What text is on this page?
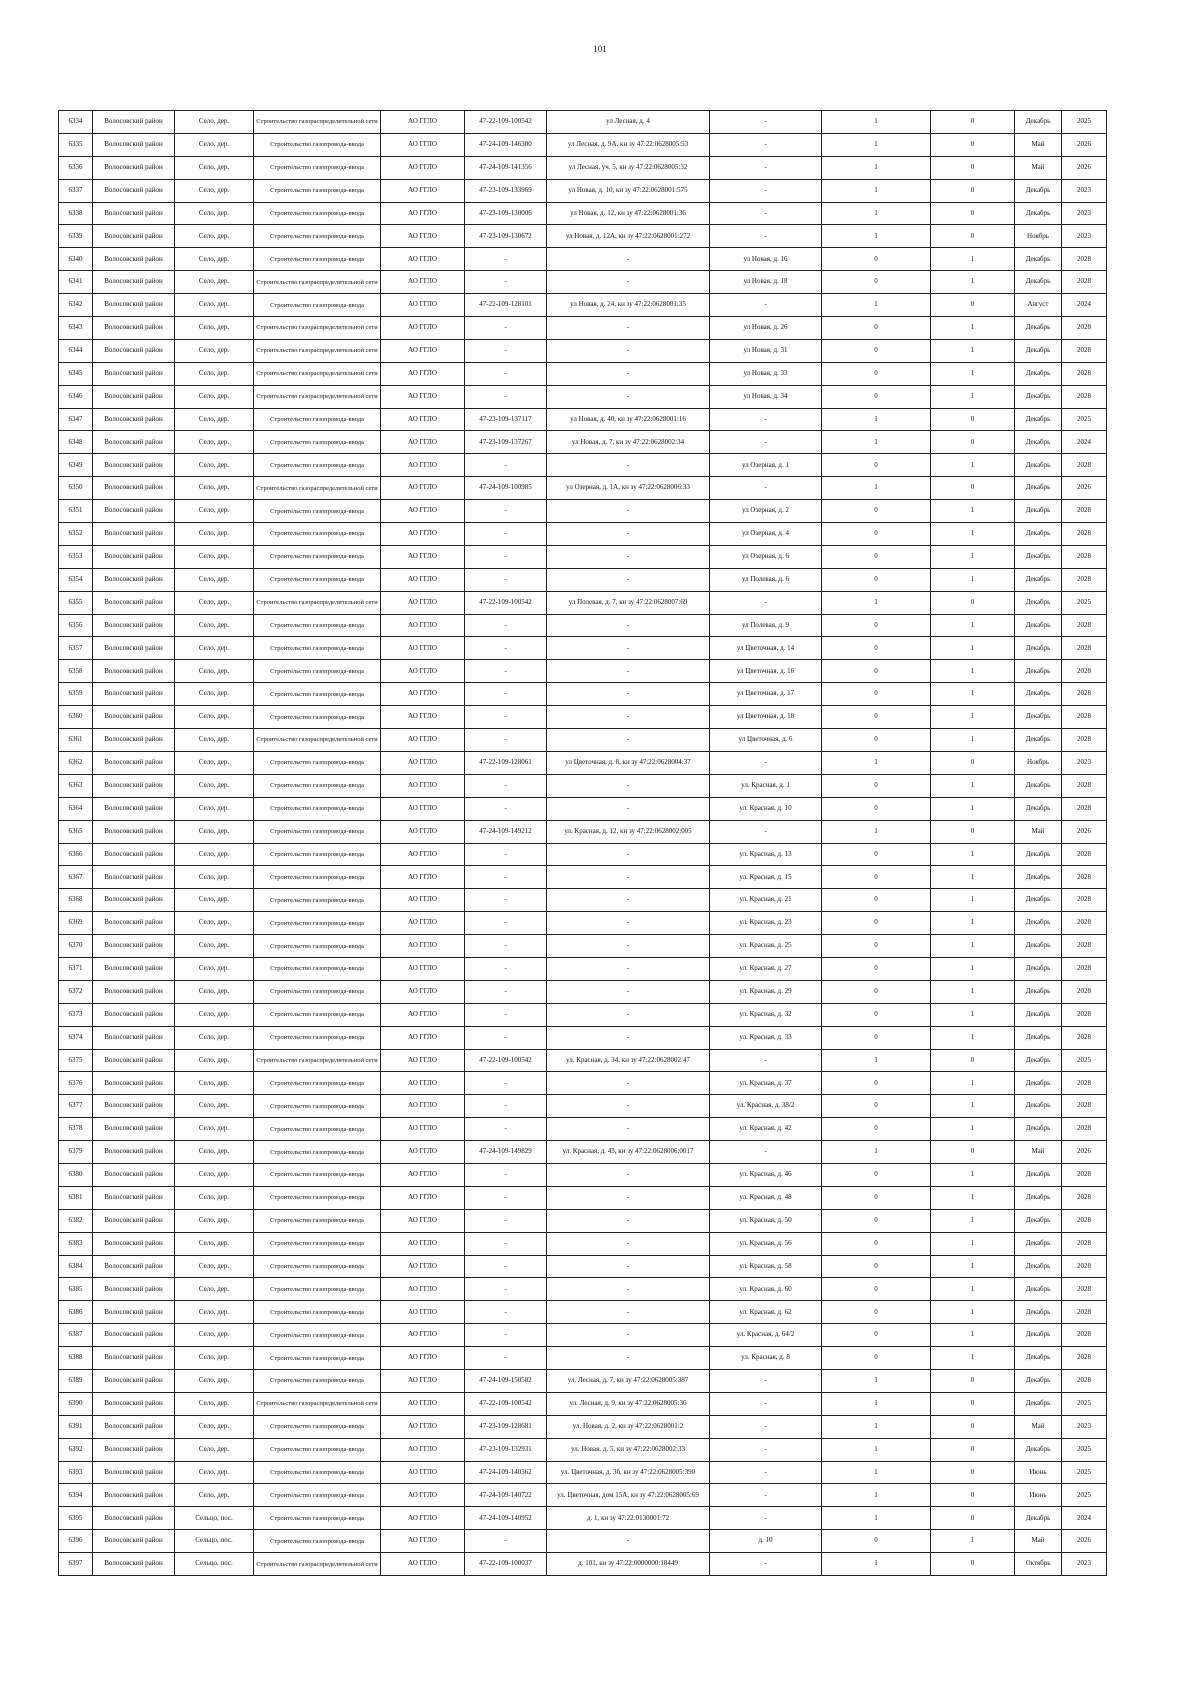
101
6334	Волосовский район	Село, дер.	Строительство газораспределительной сети	АО ГГЛО	47-22-109-100542	ул Лесная, д. 4	-	1	0	Декабрь	2025
6335	Волосовский район	Село, дер.	Строительство газопровода-ввода	АО ГГЛО	47-24-109-146300	ул Лесная, д. 9А, кн зу 47:22:0628005:53	-	1	0	Май	2026
6336	Волосовский район	Село, дер.	Строительство газопровода-ввода	АО ГГЛО	47-24-109-141356	ул Лесная, уч. 5, кн зу 47:22:0628005:32	-	1	0	Май	2026
6337	Волосовский район	Село, дер.	Строительство газопровода-ввода	АО ГГЛО	47-23-109-133969	ул Новая, д. 10, кн зу 47:22:0628001:575	-	1	0	Декабрь	2023
6338	Волосовский район	Село, дер.	Строительство газопровода-ввода	АО ГГЛО	47-23-109-130006	ул Новая, д. 12, кн зу 47:22:0628001:36	-	1	0	Декабрь	2023
6339	Волосовский район	Село, дер.	Строительство газопровода-ввода	АО ГГЛО	47-23-109-130672	ул Новая, д. 12А, кн зу 47:22:0628001:272	-	1	0	Ноябрь	2023
6340	Волосовский район	Село, дер.	Строительство газопровода-ввода	АО ГГЛО	-	-	ул Новая, д. 16	0	1	Декабрь	2028
6341	Волосовский район	Село, дер.	Строительство газораспределительной сети	АО ГГЛО	-	-	ул Новая, д. 18	0	1	Декабрь	2028
6342	Волосовский район	Село, дер.	Строительство газопровода-ввода	АО ГГЛО	47-22-109-128101	ул Новая, д. 24, кн зу 47:22:0628001:35	-	1	0	Август	2024
6343	Волосовский район	Село, дер.	Строительство газораспределительной сети	АО ГГЛО	-	-	ул Новая, д. 26	0	1	Декабрь	2028
6344	Волосовский район	Село, дер.	Строительство газораспределительной сети	АО ГГЛО	-	-	ул Новая, д. 31	0	1	Декабрь	2028
6345	Волосовский район	Село, дер.	Строительство газораспределительной сети	АО ГГЛО	-	-	ул Новая, д. 33	0	1	Декабрь	2028
6346	Волосовский район	Село, дер.	Строительство газораспределительной сети	АО ГГЛО	-	-	ул Новая, д. 34	0	1	Декабрь	2028
6347	Волосовский район	Село, дер.	Строительство газопровода-ввода	АО ГГЛО	47-23-109-137117	ул Новая, д. 40, кн зу 47:22:0628001:16	-	1	0	Декабрь	2025
6348	Волосовский район	Село, дер.	Строительство газопровода-ввода	АО ГГЛО	47-23-109-137267	ул Новая, д. 7, кн зу 47:22:0628002:34	-	1	0	Декабрь	2024
6349	Волосовский район	Село, дер.	Строительство газопровода-ввода	АО ГГЛО	-	-	ул Озерная, д. 1	0	1	Декабрь	2028
6350	Волосовский район	Село, дер.	Строительство газораспределительной сети	АО ГГЛО	47-24-109-100985	ул Озерная, д. 1А, кн зу 47:22:0628006:33	-	1	0	Декабрь	2026
6351	Волосовский район	Село, дер.	Строительство газопровода-ввода	АО ГГЛО	-	-	ул Озерная, д. 2	0	1	Декабрь	2028
6352	Волосовский район	Село, дер.	Строительство газопровода-ввода	АО ГГЛО	-	-	ул Озерная, д. 4	0	1	Декабрь	2028
6353	Волосовский район	Село, дер.	Строительство газопровода-ввода	АО ГГЛО	-	-	ул Озерная, д. 6	0	1	Декабрь	2028
6354	Волосовский район	Село, дер.	Строительство газопровода-ввода	АО ГГЛО	-	-	ул Полевая, д. 6	0	1	Декабрь	2028
6355	Волосовский район	Село, дер.	Строительство газораспределительной сети	АО ГГЛО	47-22-109-100542	ул Полевая, д. 7, кн зу 47:22:0628007:69	-	1	0	Декабрь	2025
6356	Волосовский район	Село, дер.	Строительство газопровода-ввода	АО ГГЛО	-	-	ул Полевая, д. 9	0	1	Декабрь	2028
6357	Волосовский район	Село, дер.	Строительство газопровода-ввода	АО ГГЛО	-	-	ул Цветочная, д. 14	0	1	Декабрь	2028
6358	Волосовский район	Село, дер.	Строительство газопровода-ввода	АО ГГЛО	-	-	ул Цветочная, д. 16	0	1	Декабрь	2028
6359	Волосовский район	Село, дер.	Строительство газопровода-ввода	АО ГГЛО	-	-	ул Цветочная, д. 17	0	1	Декабрь	2028
6360	Волосовский район	Село, дер.	Строительство газопровода-ввода	АО ГГЛО	-	-	ул Цветочная, д. 18	0	1	Декабрь	2028
6361	Волосовский район	Село, дер.	Строительство газораспределительной сети	АО ГГЛО	-	-	ул Цветочная, д. 6	0	1	Декабрь	2028
6362	Волосовский район	Село, дер.	Строительство газопровода-ввода	АО ГГЛО	47-22-109-128061	ул Цветочная, д. 8, кн зу 47:22:0628004:37	-	1	0	Ноябрь	2023
6363	Волосовский район	Село, дер.	Строительство газопровода-ввода	АО ГГЛО	-	-	ул. Красная, д. 1	0	1	Декабрь	2028
6364	Волосовский район	Село, дер.	Строительство газопровода-ввода	АО ГГЛО	-	-	ул. Красная, д. 10	0	1	Декабрь	2028
6365	Волосовский район	Село, дер.	Строительство газопровода-ввода	АО ГГЛО	47-24-109-149212	ул. Красная, д. 12, кн зу 47:22:0628002:005	-	1	0	Май	2026
6366	Волосовский район	Село, дер.	Строительство газопровода-ввода	АО ГГЛО	-	-	ул. Красная, д. 13	0	1	Декабрь	2028
6367	Волосовский район	Село, дер.	Строительство газопровода-ввода	АО ГГЛО	-	-	ул. Красная, д. 15	0	1	Декабрь	2028
6368	Волосовский район	Село, дер.	Строительство газопровода-ввода	АО ГГЛО	-	-	ул. Красная, д. 21	0	1	Декабрь	2028
6369	Волосовский район	Село, дер.	Строительство газопровода-ввода	АО ГГЛО	-	-	ул. Красная, д. 23	0	1	Декабрь	2028
6370	Волосовский район	Село, дер.	Строительство газопровода-ввода	АО ГГЛО	-	-	ул. Красная, д. 25	0	1	Декабрь	2028
6371	Волосовский район	Село, дер.	Строительство газопровода-ввода	АО ГГЛО	-	-	ул. Красная, д. 27	0	1	Декабрь	2028
6372	Волосовский район	Село, дер.	Строительство газопровода-ввода	АО ГГЛО	-	-	ул. Красная, д. 29	0	1	Декабрь	2028
6373	Волосовский район	Село, дер.	Строительство газопровода-ввода	АО ГГЛО	-	-	ул. Красная, д. 32	0	1	Декабрь	2028
6374	Волосовский район	Село, дер.	Строительство газопровода-ввода	АО ГГЛО	-	-	ул. Красная, д. 33	0	1	Декабрь	2028
6375	Волосовский район	Село, дер.	Строительство газораспределительной сети	АО ГГЛО	47-22-109-100542	ул. Красная, д. 34, кн зу 47:22:0628002:47	-	1	0	Декабрь	2025
6376	Волосовский район	Село, дер.	Строительство газопровода-ввода	АО ГГЛО	-	-	ул. Красная, д. 37	0	1	Декабрь	2028
6377	Волосовский район	Село, дер.	Строительство газопровода-ввода	АО ГГЛО	-	-	ул. Красная, д. 38/2	0	1	Декабрь	2028
6378	Волосовский район	Село, дер.	Строительство газопровода-ввода	АО ГГЛО	-	-	ул. Красная, д. 42	0	1	Декабрь	2028
6379	Волосовский район	Село, дер.	Строительство газопровода-ввода	АО ГГЛО	47-24-109-149829	ул. Красная, д. 43, кн зу 47:22:0628006:0017	-	1	0	Май	2026
6380	Волосовский район	Село, дер.	Строительство газопровода-ввода	АО ГГЛО	-	-	ул. Красная, д. 46	0	1	Декабрь	2028
6381	Волосовский район	Село, дер.	Строительство газопровода-ввода	АО ГГЛО	-	-	ул. Красная, д. 48	0	1	Декабрь	2028
6382	Волосовский район	Село, дер.	Строительство газопровода-ввода	АО ГГЛО	-	-	ул. Красная, д. 50	0	1	Декабрь	2028
6383	Волосовский район	Село, дер.	Строительство газопровода-ввода	АО ГГЛО	-	-	ул. Красная, д. 56	0	1	Декабрь	2028
6384	Волосовский район	Село, дер.	Строительство газопровода-ввода	АО ГГЛО	-	-	ул. Красная, д. 58	0	1	Декабрь	2028
6385	Волосовский район	Село, дер.	Строительство газопровода-ввода	АО ГГЛО	-	-	ул. Красная, д. 60	0	1	Декабрь	2028
6386	Волосовский район	Село, дер.	Строительство газопровода-ввода	АО ГГЛО	-	-	ул. Красная, д. 62	0	1	Декабрь	2028
6387	Волосовский район	Село, дер.	Строительство газопровода-ввода	АО ГГЛО	-	-	ул. Красная, д. 64/2	0	1	Декабрь	2028
6388	Волосовский район	Село, дер.	Строительство газопровода-ввода	АО ГГЛО	-	-	ул. Красная, д. 8	0	1	Декабрь	2028
6389	Волосовский район	Село, дер.	Строительство газопровода-ввода	АО ГГЛО	47-24-109-150582	ул. Лесная, д. 7, кн зу 47:22:0628005:387	-	1	0	Декабрь	2028
6390	Волосовский район	Село, дер.	Строительство газораспределительной сети	АО ГГЛО	47-22-109-100542	ул. Лесная, д. 9, кн зу 47:22:0628005:36	-	1	0	Декабрь	2025
6391	Волосовский район	Село, дер.	Строительство газопровода-ввода	АО ГГЛО	47-23-109-128681	ул. Новая, д. 2, кн зу 47:22:0628001:2	-	1	0	Май	2023
6392	Волосовский район	Село, дер.	Строительство газопровода-ввода	АО ГГЛО	47-23-109-132931	ул. Новая, д. 5, кн зу 47:22:0628002:33	-	1	0	Декабрь	2025
6393	Волосовский район	Село, дер.	Строительство газопровода-ввода	АО ГГЛО	47-24-109-140362	ул. Цветочная, д. 3б, кн зу 47:22:0628005:390	-	1	0	Июнь	2025
6394	Волосовский район	Село, дер.	Строительство газопровода-ввода	АО ГГЛО	47-24-109-140722	ул. Цветочная, дом 15А, кн зу 47:22:0628005:69	-	1	0	Июнь	2025
6395	Волосовский район	Сельцо, пос.	Строительство газопровода-ввода	АО ГГЛО	47-24-109-140952	д. 1, кн зу 47:22:0130001:72	-	1	0	Декабрь	2024
6396	Волосовский район	Сельцо, пос.	Строительство газопровода-ввода	АО ГГЛО	-	-	д. 10	0	1	Май	2026
6397	Волосовский район	Сельцо, пос.	Строительство газораспределительной сети	АО ГГЛО	47-22-109-100037	д. 101, кн зу 47:22:0000000:18449	-	1	0	Октябрь	2023
